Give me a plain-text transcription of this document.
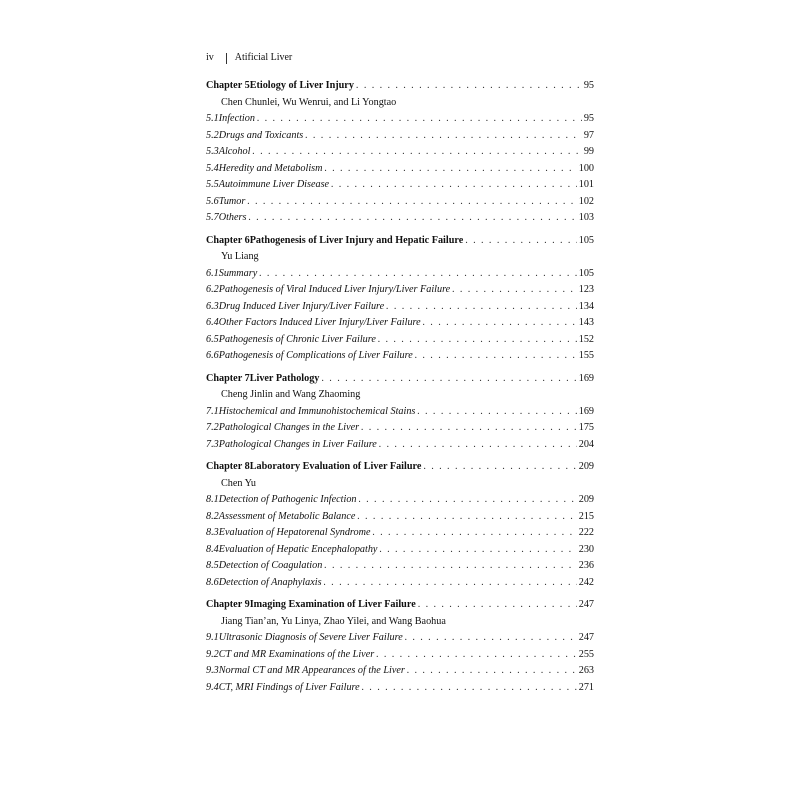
iv Atificial Liver
Chapter 5 Etiology of Liver Injury . . .	95
Chen Chunlei, Wu Wenrui, and Li Yongtao
5.1 Infection . . .	95
5.2 Drugs and Toxicants . . .	97
5.3 Alcohol . . .	99
5.4 Heredity and Metabolism . . .	100
5.5 Autoimmune Liver Disease . . .	101
5.6 Tumor . . .	102
5.7 Others . . .	103
Chapter 6 Pathogenesis of Liver Injury and Hepatic Failure . . .	105
Yu Liang
6.1 Summary . . .	105
6.2 Pathogenesis of Viral Induced Liver Injury/Liver Failure . . .	123
6.3 Drug Induced Liver Injury/Liver Failure . . .	134
6.4 Other Factors Induced Liver Injury/Liver Failure . . .	143
6.5 Pathogenesis of Chronic Liver Failure . . .	152
6.6 Pathogenesis of Complications of Liver Failure . . .	155
Chapter 7 Liver Pathology . . .	169
Cheng Jinlin and Wang Zhaoming
7.1 Histochemical and Immunohistochemical Stains . . .	169
7.2 Pathological Changes in the Liver . . .	175
7.3 Pathological Changes in Liver Failure . . .	204
Chapter 8 Laboratory Evaluation of Liver Failure . . .	209
Chen Yu
8.1 Detection of Pathogenic Infection . . .	209
8.2 Assessment of Metabolic Balance . . .	215
8.3 Evaluation of Hepatorenal Syndrome . . .	222
8.4 Evaluation of Hepatic Encephalopathy . . .	230
8.5 Detection of Coagulation . . .	236
8.6 Detection of Anaphylaxis . . .	242
Chapter 9 Imaging Examination of Liver Failure . . .	247
Jiang Tian’an, Yu Linya, Zhao Yilei, and Wang Baohua
9.1 Ultrasonic Diagnosis of Severe Liver Failure . . .	247
9.2 CT and MR Examinations of the Liver . . .	255
9.3 Normal CT and MR Appearances of the Liver . . .	263
9.4 CT, MRI Findings of Liver Failure . . .	271
